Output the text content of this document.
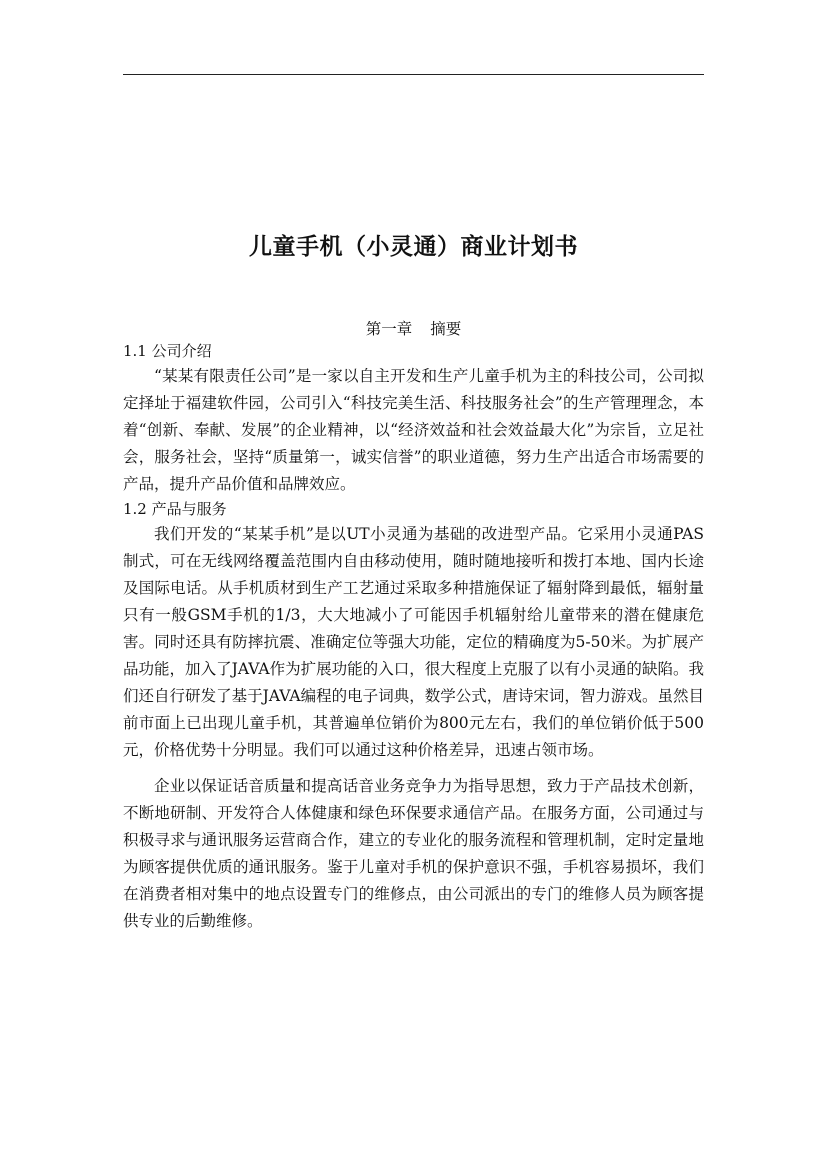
儿童手机（小灵通）商业计划书
第一章 摘要
1.1 公司介绍

“某某有限责任公司”是一家以自主开发和生产儿童手机为主的科技公司，公司拟定择址于福建软件园，公司引入“科技完美生活、科技服务社会”的生产管理理念，本着“创新、奉献、发展”的企业精神，以“经济效益和社会效益最大化”为宗旨，立足社会，服务社会，坚持“质量第一，诚实信誉”的职业道德，努力生产出适合市场需要的产品，提升产品价值和品牌效应。

1.2 产品与服务

我们开发的“某某手机”是以UT小灵通为基础的改进型产品。它采用小灵通PAS制式，可在无线网络覆盖范围内自由移动使用，随时随地接听和拨打本地、国内长途及国际电话。从手机质材到生产工艺通过采取多种措施保证了辐射降到最低，辐射量只有一般GSM手机的1/3，大大地减小了可能因手机辐射给儿童带来的潜在健康危害。同时还具有防摔抗震、准确定位等强大功能，定位的精确度为5-50米。为扩展产品功能，加入了JAVA作为扩展功能的入口，很大程度上克服了以有小灵通的缺陷。我们还自行研发了基于JAVA编程的电子词典，数学公式，唐诗宋词，智力游戏。虽然目前市面上已出现儿童手机，其普遍单位销价为800元左右，我们的单位销价低于500元，价格优势十分明显。我们可以通过这种价格差异，迅速占领市场。

企业以保证话音质量和提高话音业务竞争力为指导思想，致力于产品技术创新，不断地研制、开发符合人体健康和绿色环保要求通信产品。在服务方面，公司通过与积极寻求与通讯服务运营商合作，建立的专业化的服务流程和管理机制，定时定量地为顾客提供优质的通讯服务。鉴于儿童对手机的保护意识不强，手机容易损坏，我们在消费者相对集中的地点设置专门的维修点，由公司派出的专门的维修人员为顾客提供专业的后勤维修。
